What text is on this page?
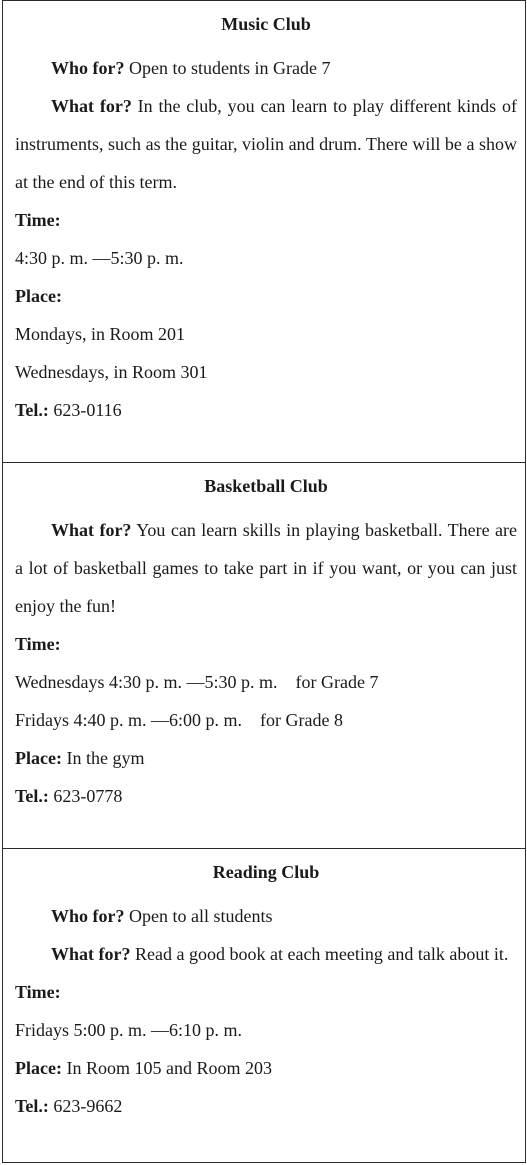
Music Club

Who for? Open to students in Grade 7

What for? In the club, you can learn to play different kinds of instruments, such as the guitar, violin and drum. There will be a show at the end of this term.

Time:

4:30 p. m. —5:30 p. m.

Place:

Mondays, in Room 201

Wednesdays, in Room 301

Tel.: 623-0116

Basketball Club

What for? You can learn skills in playing basketball. There are a lot of basketball games to take part in if you want, or you can just enjoy the fun!

Time:

Wednesdays 4:30 p. m. —5:30 p. m. for Grade 7

Fridays 4:40 p. m. —6:00 p. m. for Grade 8

Place: In the gym

Tel.: 623-0778

Reading Club

Who for? Open to all students

What for? Read a good book at each meeting and talk about it.

Time:

Fridays 5:00 p. m. —6:10 p. m.

Place: In Room 105 and Room 203

Tel.: 623-9662
